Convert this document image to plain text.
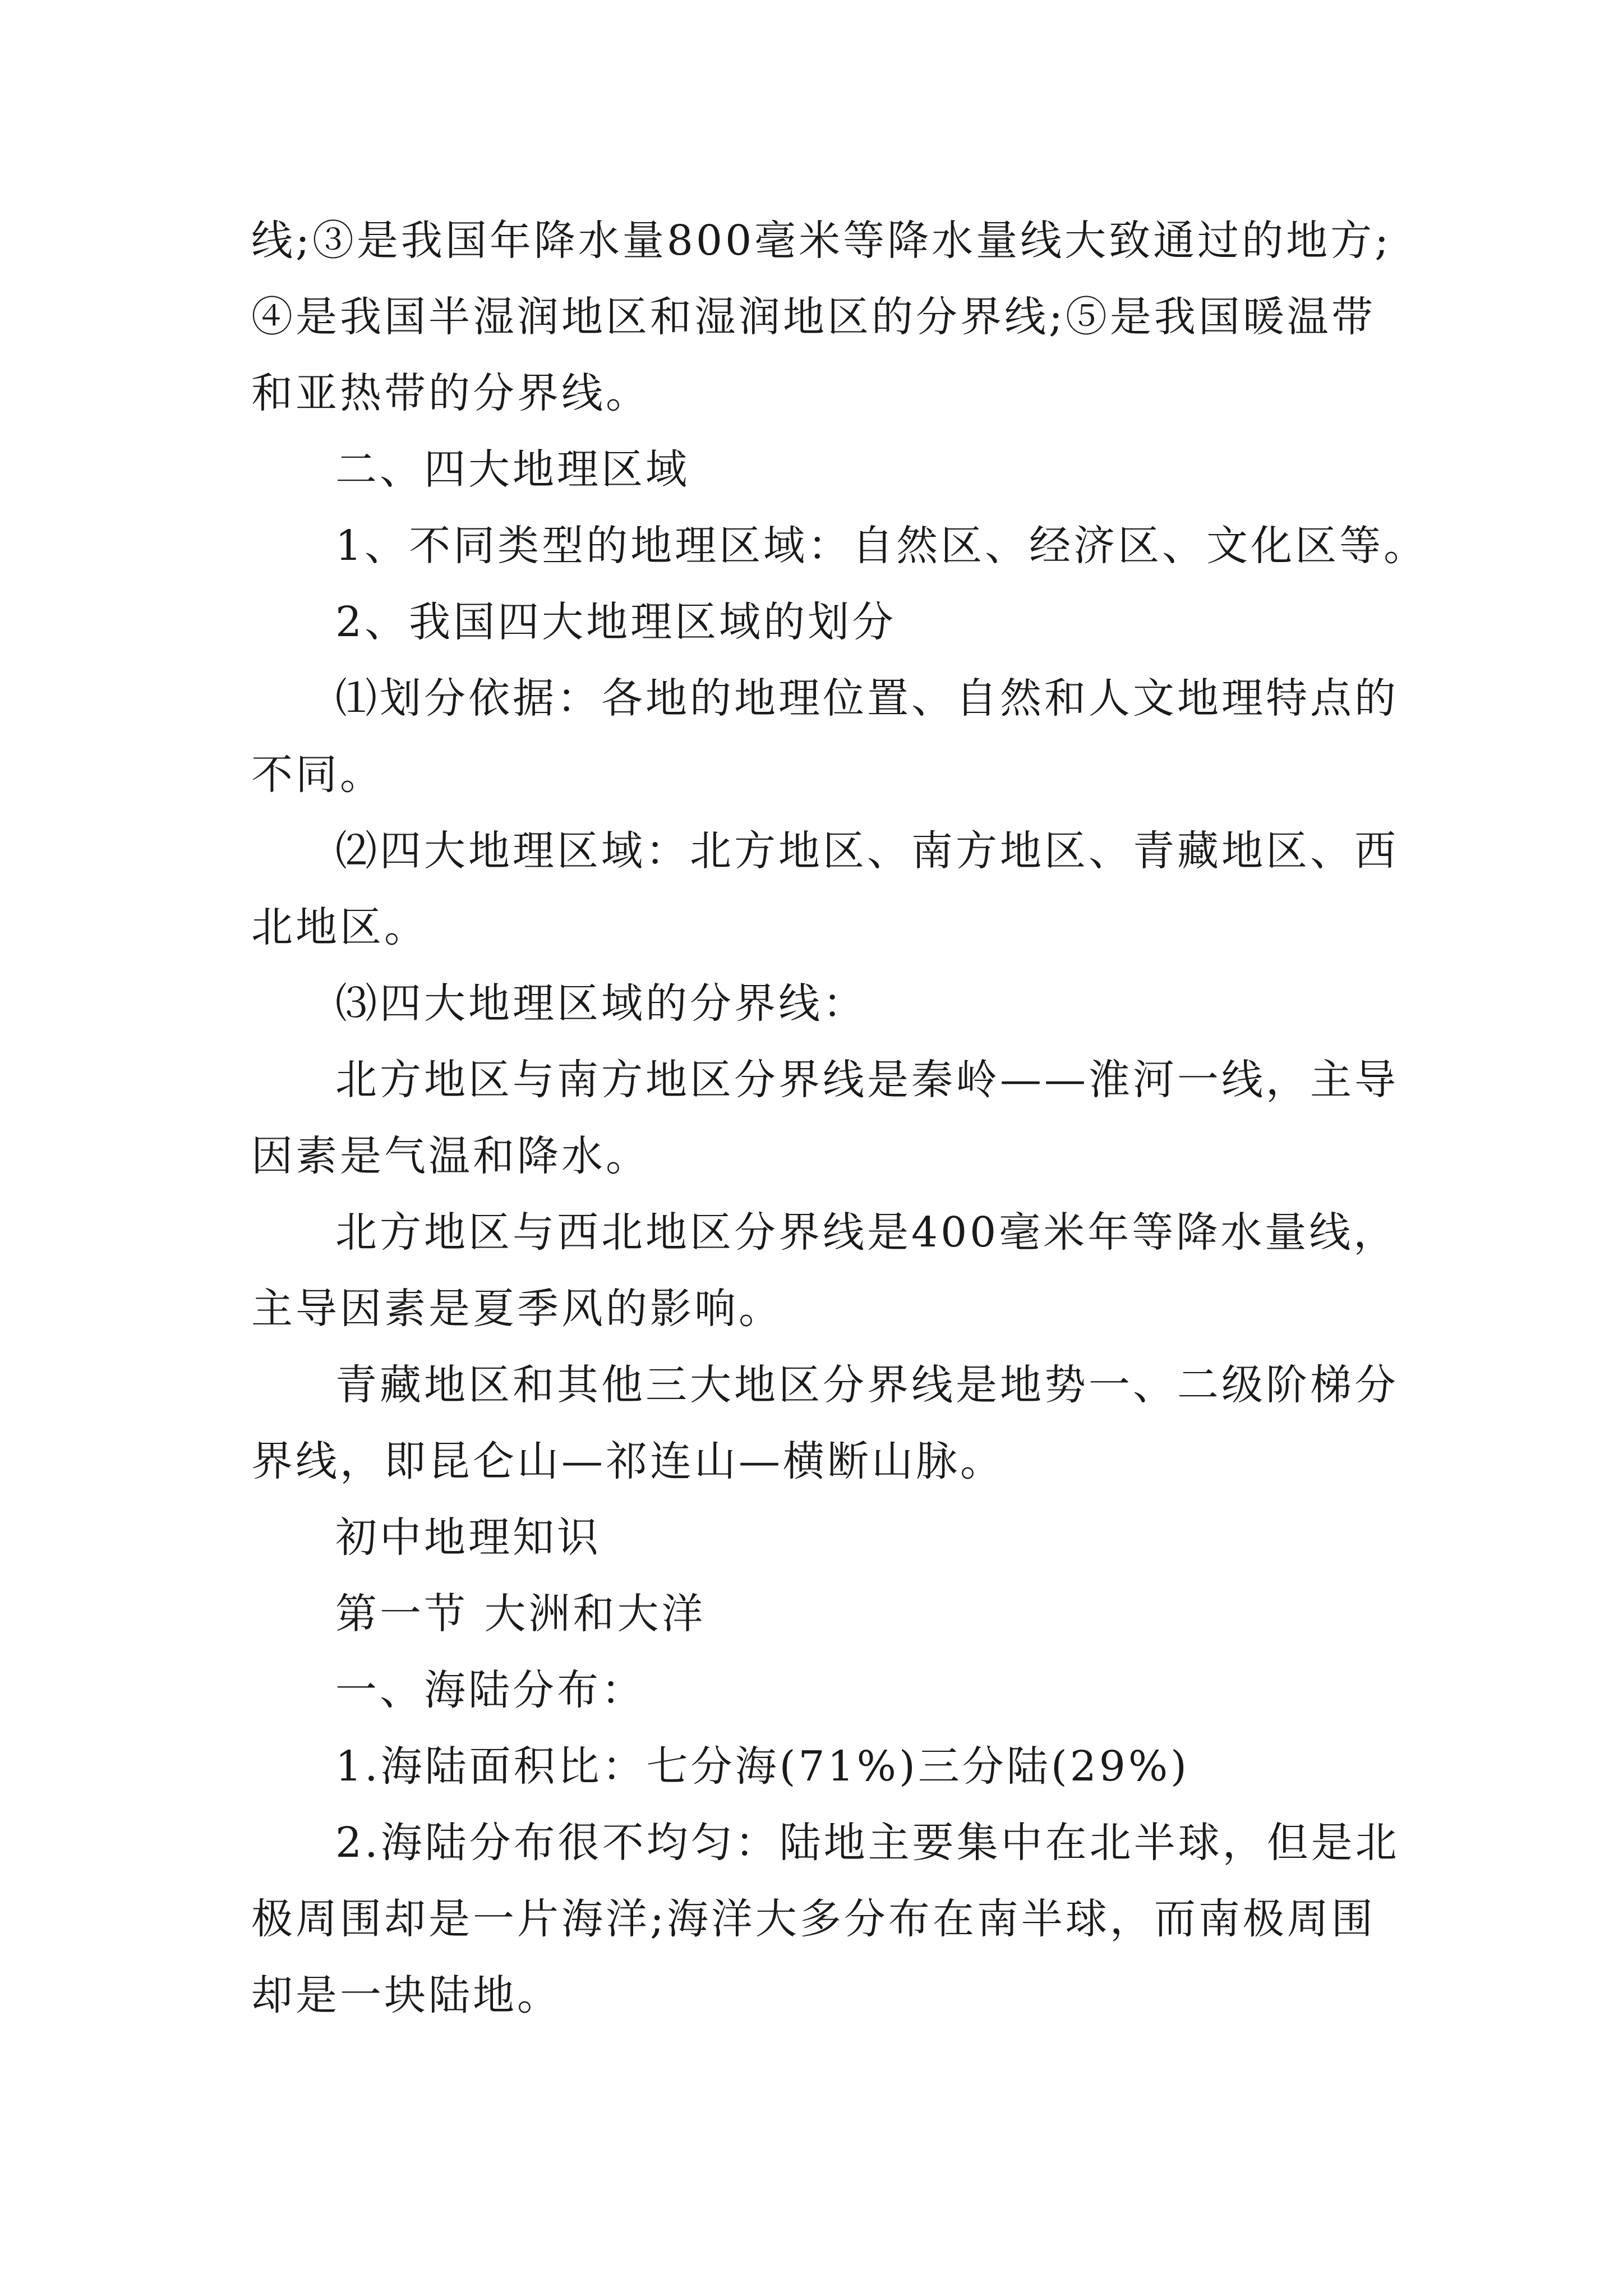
线;③是我国年降水量800毫米等降水量线大致通过的地方;

④是我国半湿润地区和湿润地区的分界线;⑤是我国暖温带

和亚热带的分界线。

二、四大地理区域

1、不同类型的地理区域：自然区、经济区、文化区等。

2、我国四大地理区域的划分

⑴划分依据：各地的地理位置、自然和人文地理特点的

不同。

⑵四大地理区域：北方地区、南方地区、青藏地区、西

北地区。

⑶四大地理区域的分界线：

北方地区与南方地区分界线是秦岭——淮河一线，主导

因素是气温和降水。

北方地区与西北地区分界线是400毫米年等降水量线，

主导因素是夏季风的影响。

青藏地区和其他三大地区分界线是地势一、二级阶梯分

界线，即昆仑山—祁连山—横断山脉。

初中地理知识

第一节 大洲和大洋

一、海陆分布：

1.海陆面积比：七分海(71%)三分陆(29%)

2.海陆分布很不均匀：陆地主要集中在北半球，但是北

极周围却是一片海洋;海洋大多分布在南半球，而南极周围

却是一块陆地。
